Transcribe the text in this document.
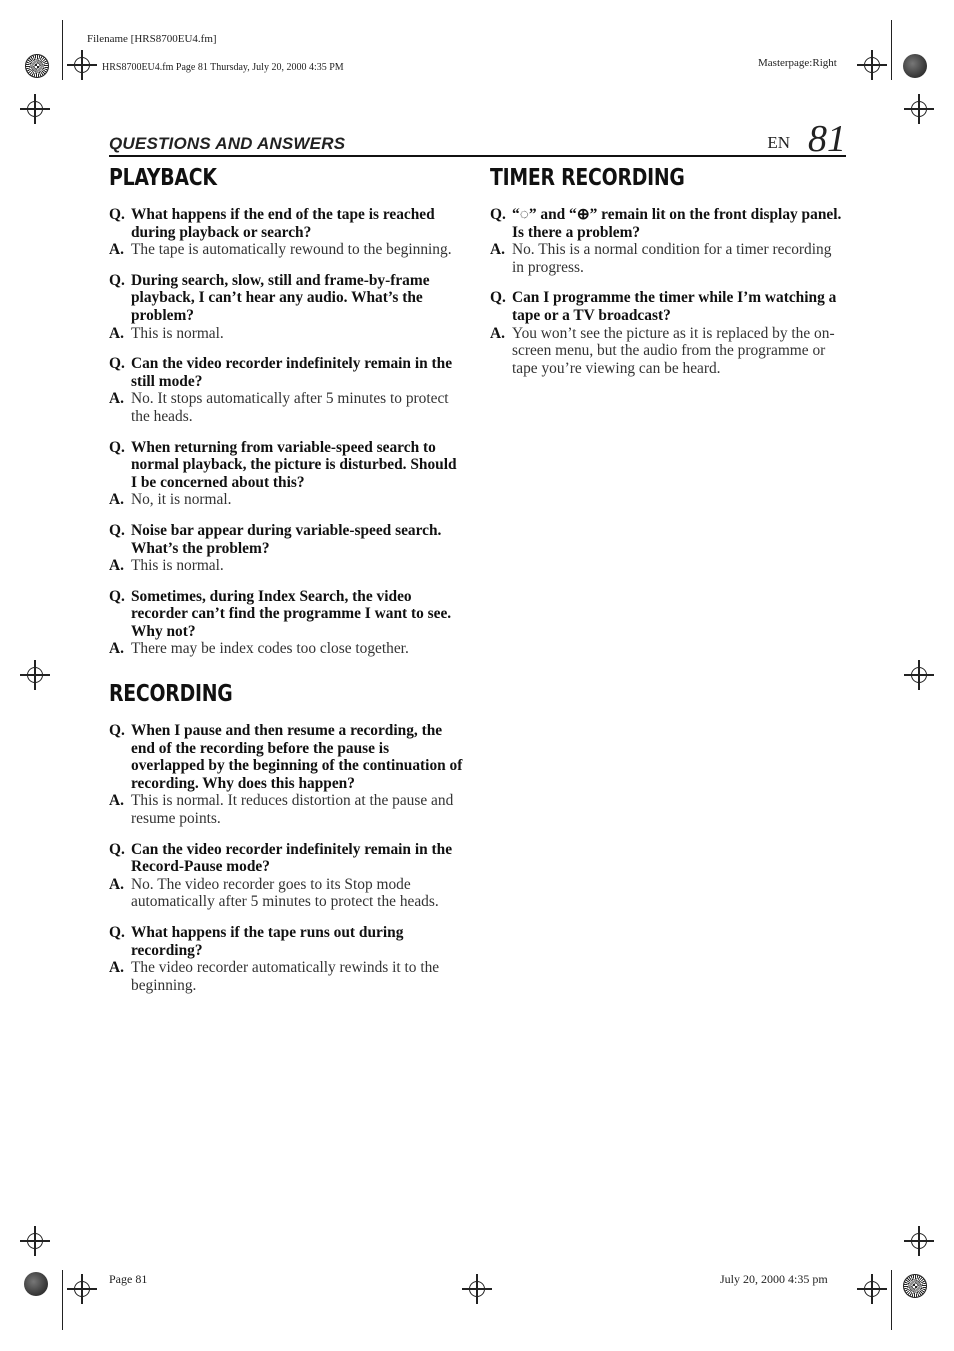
Filename [HRS8700EU4.fm]
HRS8700EU4.fm Page 81 Thursday, July 20, 2000 4:35 PM	Masterpage:Right
QUESTIONS AND ANSWERS	EN 81
PLAYBACK
Q. What happens if the end of the tape is reached during playback or search?
A. The tape is automatically rewound to the beginning.
Q. During search, slow, still and frame-by-frame playback, I can’t hear any audio. What’s the problem?
A. This is normal.
Q. Can the video recorder indefinitely remain in the still mode?
A. No. It stops automatically after 5 minutes to protect the heads.
Q. When returning from variable-speed search to normal playback, the picture is disturbed. Should I be concerned about this?
A. No, it is normal.
Q. Noise bar appear during variable-speed search. What’s the problem?
A. This is normal.
Q. Sometimes, during Index Search, the video recorder can’t find the programme I want to see. Why not?
A. There may be index codes too close together.
RECORDING
Q. When I pause and then resume a recording, the end of the recording before the pause is overlapped by the beginning of the continuation of recording. Why does this happen?
A. This is normal. It reduces distortion at the pause and resume points.
Q. Can the video recorder indefinitely remain in the Record-Pause mode?
A. No. The video recorder goes to its Stop mode automatically after 5 minutes to protect the heads.
Q. What happens if the tape runs out during recording?
A. The video recorder automatically rewinds it to the beginning.
TIMER RECORDING
Q. “◌” and “⊕” remain lit on the front display panel. Is there a problem?
A. No. This is a normal condition for a timer recording in progress.
Q. Can I programme the timer while I’m watching a tape or a TV broadcast?
A. You won’t see the picture as it is replaced by the on-screen menu, but the audio from the programme or tape you’re viewing can be heard.
Page 81	July 20, 2000 4:35 pm
